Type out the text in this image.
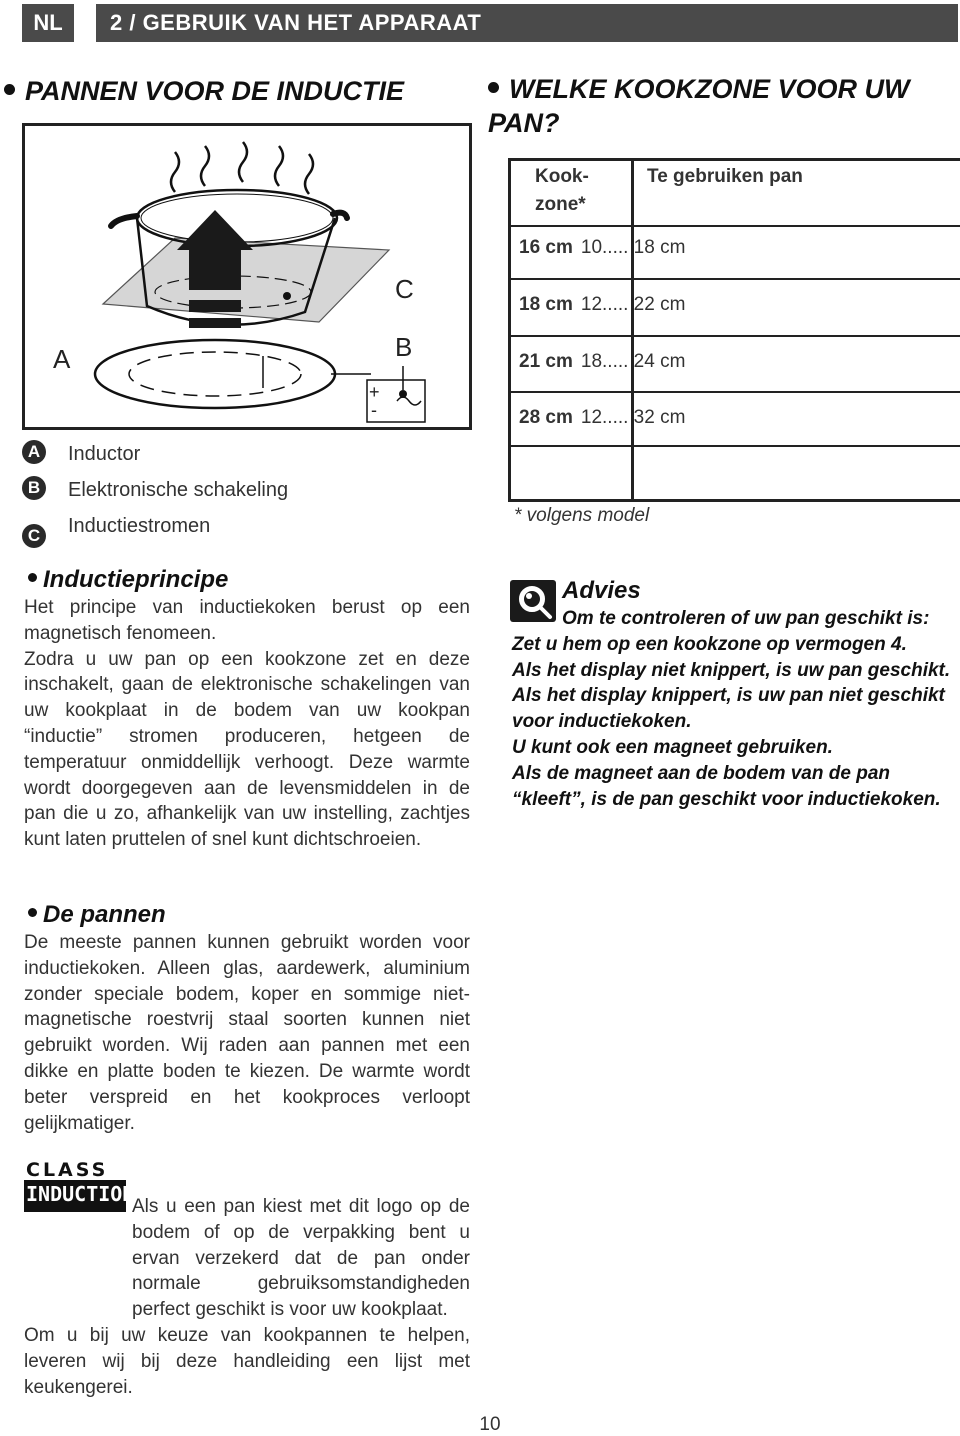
NL	2 / GEBRUIK VAN HET APPARAAT
PANNEN VOOR DE INDUCTIE
A	B
C
+
-
A Inductor
B Elektronische schakeling
C Inductiestromen
Inductieprincipe

Het principe van inductiekoken berust op een magnetisch fenomeen.

Zodra u uw pan op een kookzone zet en deze inschakelt, gaan de elektronische schakelingen van uw kookplaat in de bodem van uw kookpan “inductie” stromen produceren, hetgeen de temperatuur onmiddellijk verhoogt. Deze warmte wordt doorgegeven aan de levensmiddelen in de pan die u zo, afhankelijk van uw instelling, zachtjes kunt laten pruttelen of snel kunt dichtschroeien.

De pannen

De meeste pannen kunnen gebruikt worden voor inductiekoken. Alleen glas, aardewerk, aluminium zonder speciale bodem, koper en sommige niet-magnetische roestvrij staal soorten kunnen niet gebruikt worden. Wij raden aan pannen met een dikke en platte boden te kiezen. De warmte wordt beter verspreid en het kookproces verloopt gelijkmatiger.

CLASS
INDUCTION

Als u een pan kiest met dit logo op de bodem of op de verpakking bent u ervan verzekerd dat de pan onder normale gebruiksomstandigheden perfect geschikt is voor uw kookplaat.

Om u bij uw keuze van kookpannen te helpen, leveren wij bij deze handleiding een lijst met keukengerei.

WELKE KOOKZONE VOOR UW PAN?
Kook-
zone*
Te gebruiken pan
16 cm 10..... 18 cm
18 cm 12..... 22 cm
21 cm 18..... 24 cm
28 cm 12..... 32 cm
* volgens model
Advies

Om te controleren of uw pan geschikt is:

Zet u hem op een kookzone op vermogen 4.

Als het display niet knippert, is uw pan geschikt.

Als het display knippert, is uw pan niet geschikt voor inductiekoken.

U kunt ook een magneet gebruiken.

Als de magneet aan de bodem van de pan “kleeft”, is de pan geschikt voor inductiekoken.

10
